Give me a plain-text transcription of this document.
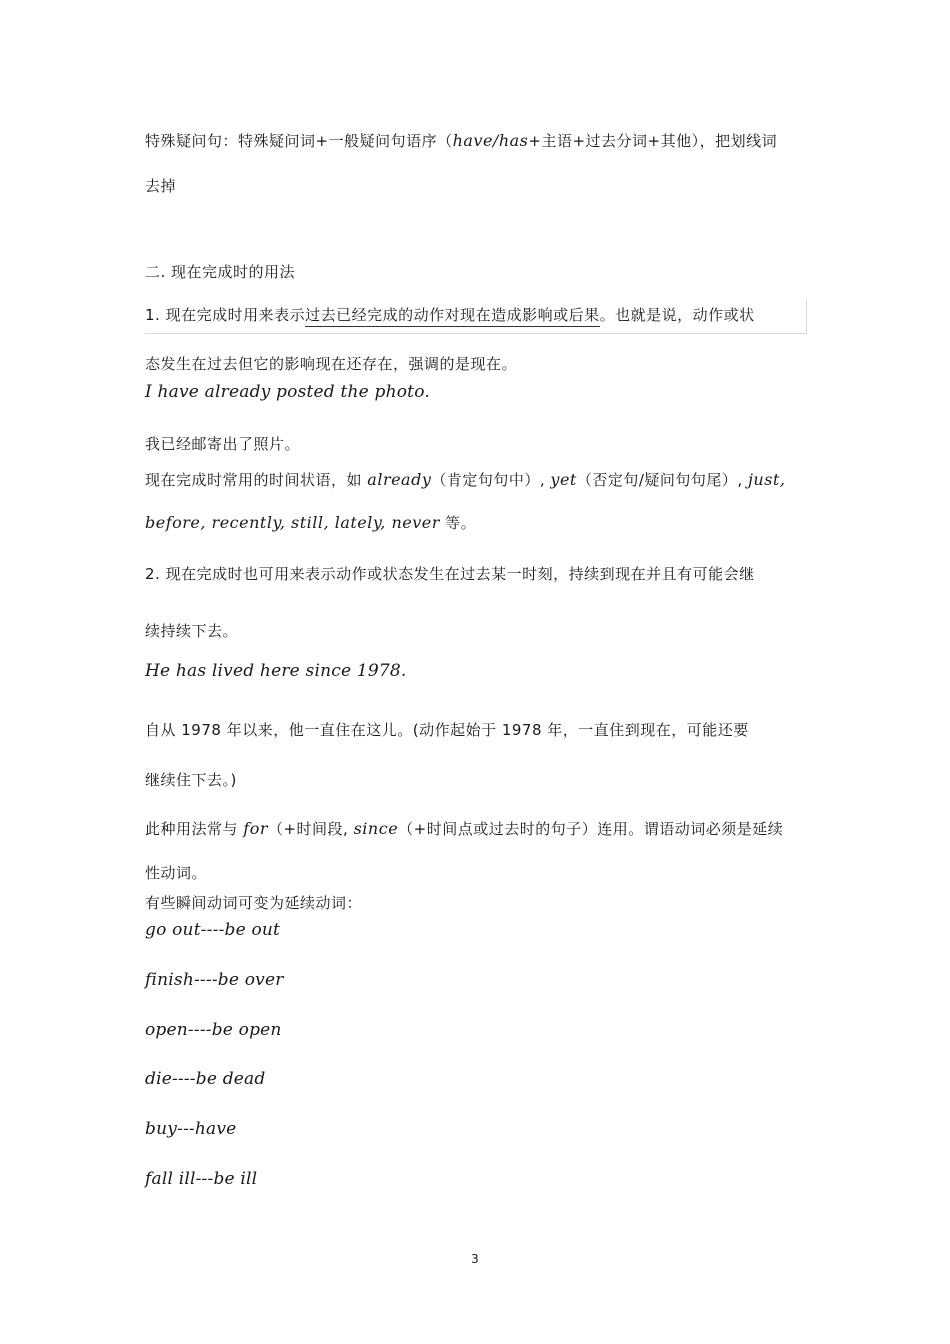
特殊疑问句：特殊疑问词+一般疑问句语序（have/has+主语+过去分词+其他），把划线词
去掉
二. 现在完成时的用法
1. 现在完成时用来表示过去已经完成的动作对现在造成影响或后果。也就是说，动作或状
态发生在过去但它的影响现在还存在，强调的是现在。
I have already posted the photo.
我已经邮寄出了照片。
现在完成时常用的时间状语，如 already（肯定句句中）, yet（否定句/疑问句句尾）, just,
before, recently, still, lately, never 等。
2. 现在完成时也可用来表示动作或状态发生在过去某一时刻，持续到现在并且有可能会继
续持续下去。
He has lived here since 1978.
自从 1978 年以来，他一直住在这儿。(动作起始于 1978 年，一直住到现在，可能还要
继续住下去。)
此种用法常与 for（+时间段, since（+时间点或过去时的句子）连用。谓语动词必须是延续
性动词。
有些瞬间动词可变为延续动词：
go out----be out
finish----be over
open----be open
die----be dead
buy---have
fall ill---be ill
3
